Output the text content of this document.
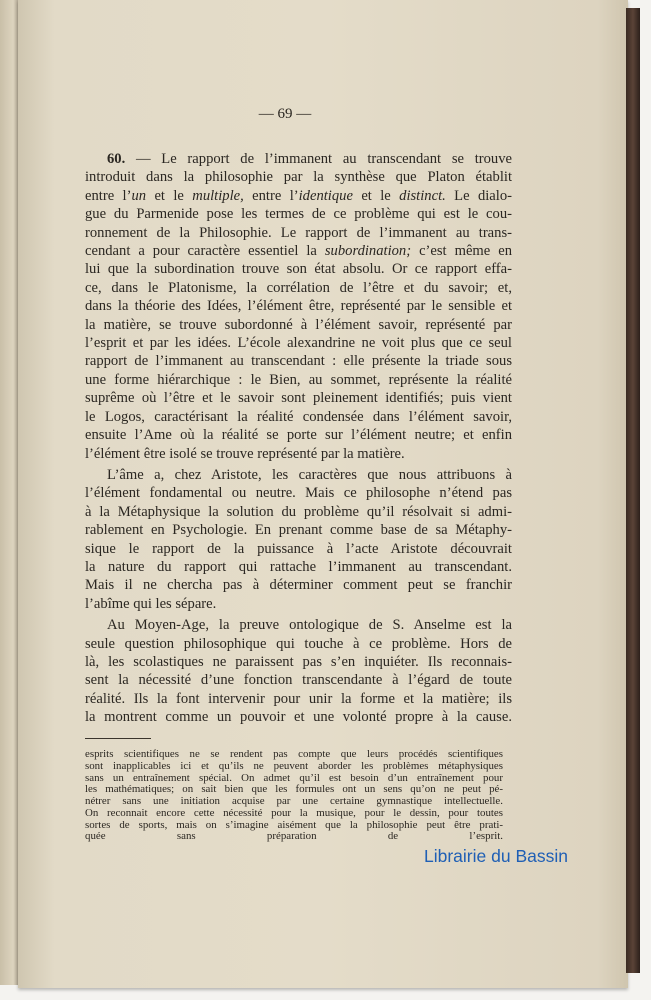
— 69 —
60. — Le rapport de l’immanent au transcendant se trouve
introduit dans la philosophie par la synthèse que Platon établit
entre l’un et le multiple, entre l’identique et le distinct. Le dialo-
gue du Parmenide pose les termes de ce problème qui est le cou-
ronnement de la Philosophie. Le rapport de l’immanent au trans-
cendant a pour caractère essentiel la subordination; c’est même en
lui que la subordination trouve son état absolu. Or ce rapport effa-
ce, dans le Platonisme, la corrélation de l’être et du savoir; et,
dans la théorie des Idées, l’élément être, représenté par le sensible et
la matière, se trouve subordonné à l’élément savoir, représenté par
l’esprit et par les idées. L’école alexandrine ne voit plus que ce seul
rapport de l’immanent au transcendant : elle présente la triade sous
une forme hiérarchique : le Bien, au sommet, représente la réalité
suprême où l’être et le savoir sont pleinement identifiés; puis vient
le Logos, caractérisant la réalité condensée dans l’élément savoir,
ensuite l’Ame où la réalité se porte sur l’élément neutre; et enfin
l’élément être isolé se trouve représenté par la matière.
L’âme a, chez Aristote, les caractères que nous attribuons à
l’élément fondamental ou neutre. Mais ce philosophe n’étend pas
à la Métaphysique la solution du problème qu’il résolvait si admi-
rablement en Psychologie. En prenant comme base de sa Métaphy-
sique le rapport de la puissance à l’acte Aristote découvrait
la nature du rapport qui rattache l’immanent au transcendant.
Mais il ne chercha pas à déterminer comment peut se franchir
l’abîme qui les sépare.
Au Moyen-Age, la preuve ontologique de S. Anselme est la
seule question philosophique qui touche à ce problème. Hors de
là, les scolastiques ne paraissent pas s’en inquiéter. Ils reconnais-
sent la nécessité d’une fonction transcendante à l’égard de toute
réalité. Ils la font intervenir pour unir la forme et la matière; ils
la montrent comme un pouvoir et une volonté propre à la cause.
esprits scientifiques ne se rendent pas compte que leurs procédés scientifiques
sont inapplicables ici et qu’ils ne peuvent aborder les problèmes métaphysiques
sans un entraînement spécial. On admet qu’il est besoin d’un entraînement pour
les mathématiques; on sait bien que les formules ont un sens qu’on ne peut pé-
nétrer sans une initiation acquise par une certaine gymnastique intellectuelle.
On reconnait encore cette nécessité pour la musique, pour le dessin, pour toutes
sortes de sports, mais on s’imagine aisément que la philosophie peut être prati-
quée sans préparation de l’esprit.
Librairie du Bassin
